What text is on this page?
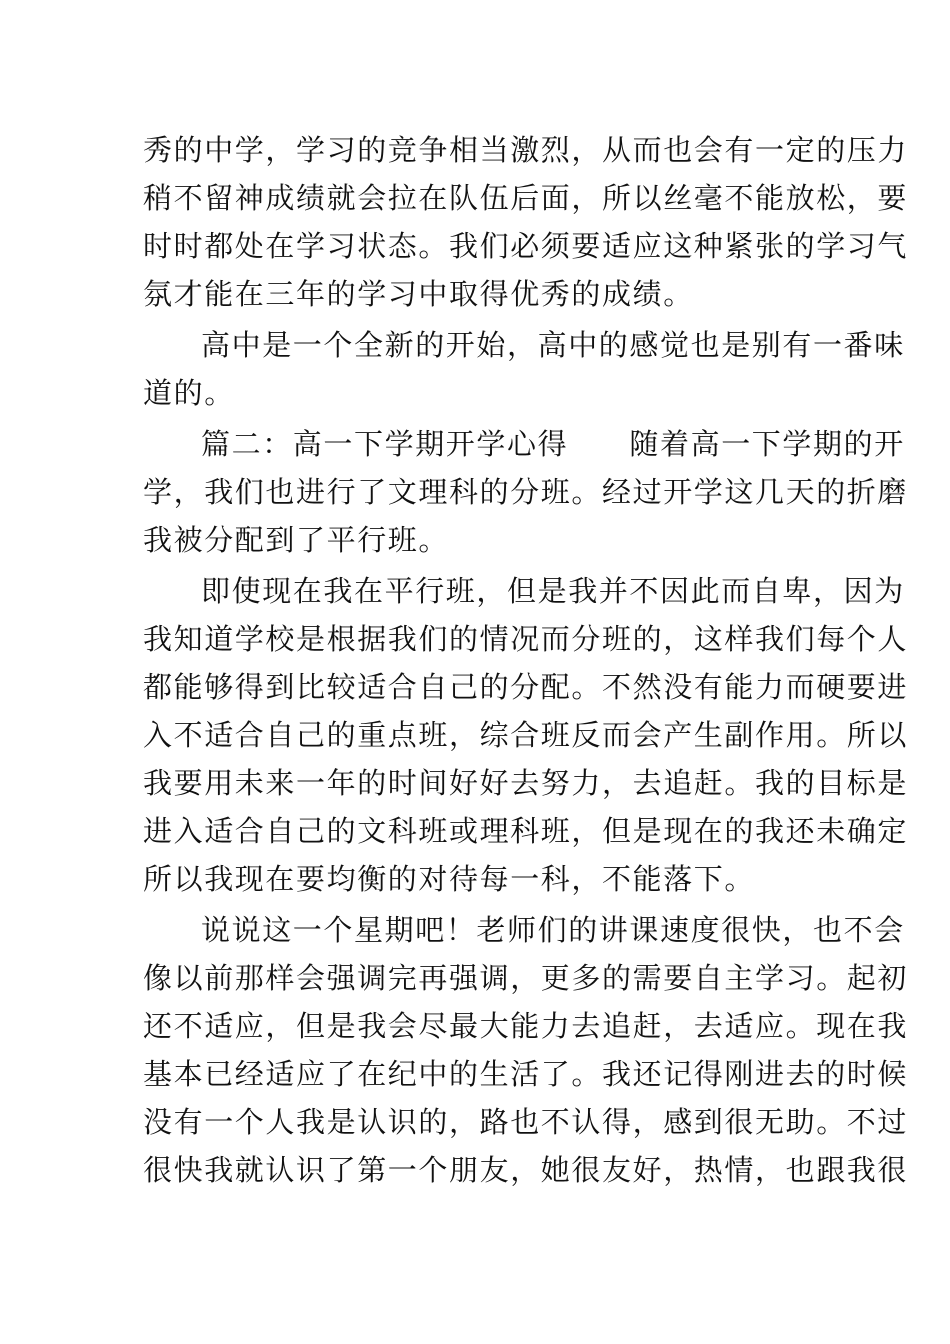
秀的中学，学习的竞争相当激烈，从而也会有一定的压力
稍不留神成绩就会拉在队伍后面，所以丝毫不能放松，要
时时都处在学习状态。我们必须要适应这种紧张的学习气
氛才能在三年的学习中取得优秀的成绩。
高中是一个全新的开始，高中的感觉也是别有一番味
道的。
篇二：高一下学期开学心得　　随着高一下学期的开
学，我们也进行了文理科的分班。经过开学这几天的折磨
我被分配到了平行班。
即使现在我在平行班，但是我并不因此而自卑，因为
我知道学校是根据我们的情况而分班的，这样我们每个人
都能够得到比较适合自己的分配。不然没有能力而硬要进
入不适合自己的重点班，综合班反而会产生副作用。所以
我要用未来一年的时间好好去努力，去追赶。我的目标是
进入适合自己的文科班或理科班，但是现在的我还未确定
所以我现在要均衡的对待每一科，不能落下。
说说这一个星期吧！老师们的讲课速度很快，也不会
像以前那样会强调完再强调，更多的需要自主学习。起初
还不适应，但是我会尽最大能力去追赶，去适应。现在我
基本已经适应了在纪中的生活了。我还记得刚进去的时候
没有一个人我是认识的，路也不认得，感到很无助。不过
很快我就认识了第一个朋友，她很友好，热情，也跟我很
